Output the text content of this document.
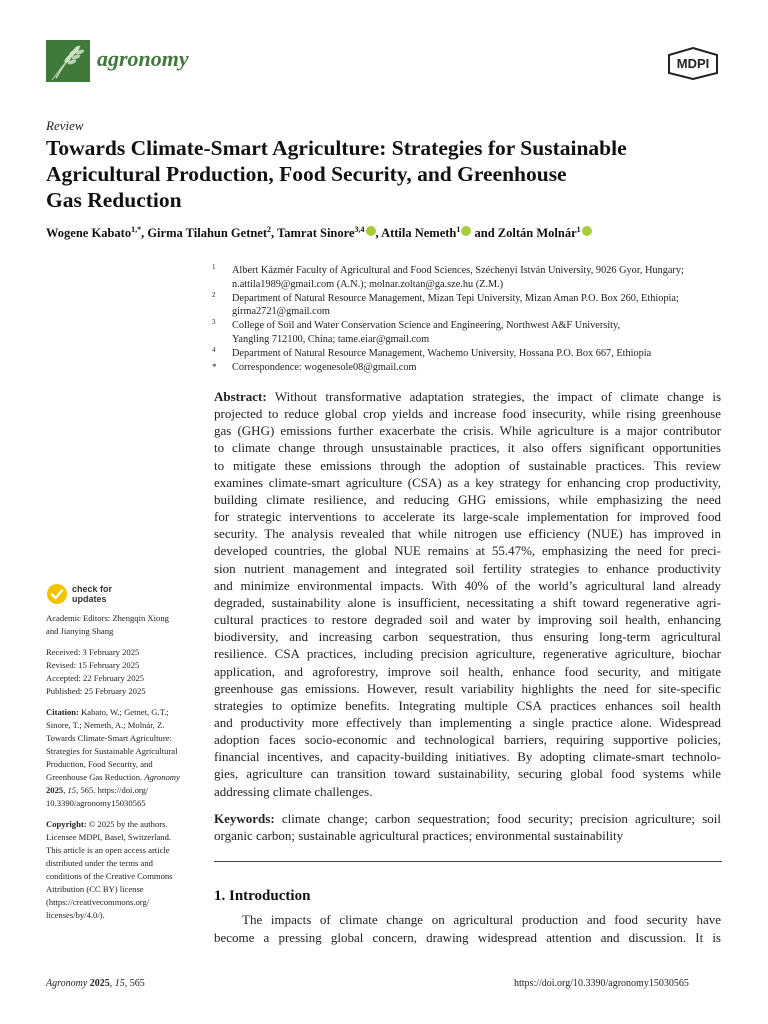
agronomy	MDPI
Review
Towards Climate-Smart Agriculture: Strategies for Sustainable
Agricultural Production, Food Security, and Greenhouse
Gas Reduction
Wogene Kabato$^{1,*}$, Girma Tilahun Getnet$^2$, Tamrat Sinore$^{3,4}$ , Attila Nemeth$^1$ and Zoltán Molnár$^1$
1 Albert Kázmér Faculty of Agricultural and Food Sciences, Széchenyi István University, 9026 Gyor, Hungary;
n.attila1989@gmail.com (A.N.); molnar.zoltan@ga.sze.hu (Z.M.)
2 Department of Natural Resource Management, Mizan Tepi University, Mizan Aman P.O. Box 260, Ethiopia;
girma2721@gmail.com
3 College of Soil and Water Conservation Science and Engineering, Northwest A&F University,
Yangling 712100, China; tame.eiar@gmail.com
4 Department of Natural Resource Management, Wachemo University, Hossana P.O. Box 667, Ethiopia
* Correspondence: wogenesole08@gmail.com

Abstract: Without transformative adaptation strategies, the impact of climate change is
projected to reduce global crop yields and increase food insecurity, while rising greenhouse
gas (GHG) emissions further exacerbate the crisis. While agriculture is a major contributor
to climate change through unsustainable practices, it also offers significant opportunities
to mitigate these emissions through the adoption of sustainable practices. This review
examines climate-smart agriculture (CSA) as a key strategy for enhancing crop productivity,
building climate resilience, and reducing GHG emissions, while emphasizing the need
for strategic interventions to accelerate its large-scale implementation for improved food
security. The analysis revealed that while nitrogen use efficiency (NUE) has improved in
developed countries, the global NUE remains at 55.47%, emphasizing the need for preci-
sion nutrient management and integrated soil fertility strategies to enhance productivity
and minimize environmental impacts. With 40% of the world’s agricultural land already
degraded, sustainability alone is insufficient, necessitating a shift toward regenerative agri-
cultural practices to restore degraded soil and water by improving soil health, enhancing
biodiversity, and increasing carbon sequestration, thus ensuring long-term agricultural
resilience. CSA practices, including precision agriculture, regenerative agriculture, biochar
application, and agroforestry, improve soil health, enhance food security, and mitigate
greenhouse gas emissions. However, result variability highlights the need for site-specific
strategies to optimize benefits. Integrating multiple CSA practices enhances soil health
and productivity more effectively than implementing a single practice alone. Widespread
adoption faces socio-economic and technological barriers, requiring supportive policies,
financial incentives, and capacity-building initiatives. By adopting climate-smart technolo-
gies, agriculture can transition toward sustainability, securing global food systems while
addressing climate challenges.

Keywords: climate change; carbon sequestration; food security; precision agriculture; soil
organic carbon; sustainable agricultural practices; environmental sustainability

1. Introduction

The impacts of climate change on agricultural production and food security have
become a pressing global concern, drawing widespread attention and discussion. It is

check for
updates
Academic Editors: Zhengqin Xiong
and Jianying Shang
Received: 3 February 2025
Revised: 15 February 2025
Accepted: 22 February 2025
Published: 25 February 2025
Citation: Kabato, W.; Getnet, G.T.;
Sinore, T.; Nemeth, A.; Molnár, Z.
Towards Climate-Smart Agriculture:
Strategies for Sustainable Agricultural
Production, Food Security, and
Greenhouse Gas Reduction. Agronomy
2025, 15, 565. https://doi.org/
10.3390/agronomy15030565
Copyright: © 2025 by the authors.
Licensee MDPI, Basel, Switzerland.
This article is an open access article
distributed under the terms and
conditions of the Creative Commons
Attribution (CC BY) license
(https://creativecommons.org/
licenses/by/4.0/).
Agronomy 2025, 15, 565	https://doi.org/10.3390/agronomy15030565
